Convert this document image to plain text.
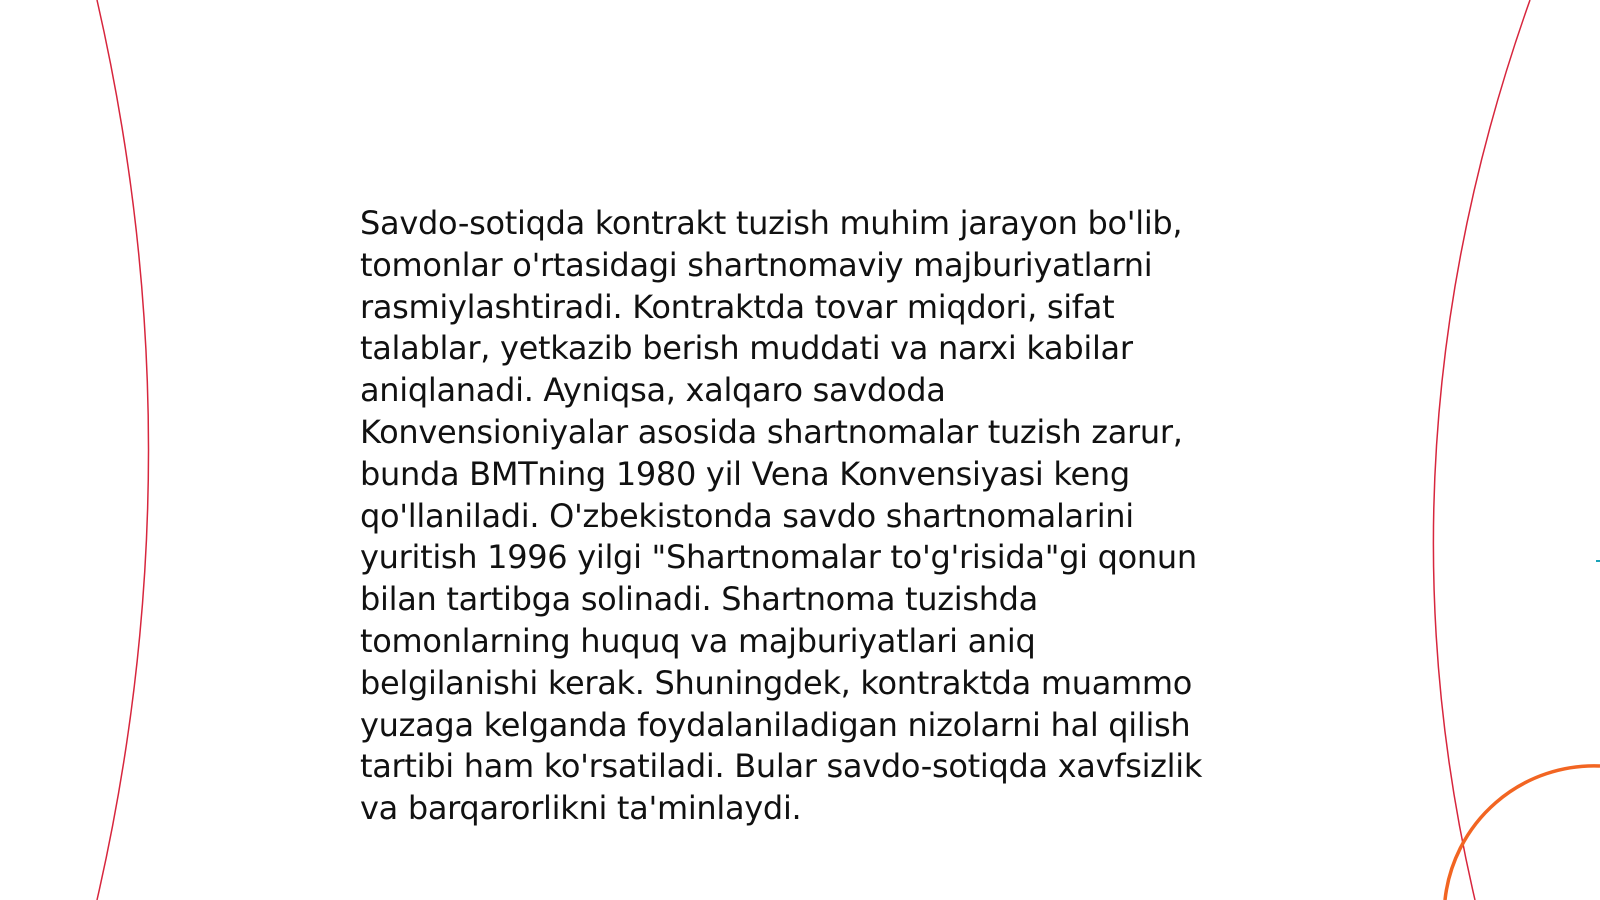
Savdo-sotiqda kontrakt tuzish muhim jarayon bo'lib,
tomonlar o'rtasidagi shartnomaviy majburiyatlarni
rasmiylashtiradi. Kontraktda tovar miqdori, sifat
talablar, yetkazib berish muddati va narxi kabilar
aniqlanadi. Ayniqsa, xalqaro savdoda
Konvensioniyalar asosida shartnomalar tuzish zarur,
bunda BMTning 1980 yil Vena Konvensiyasi keng
qo'llaniladi. O'zbekistonda savdo shartnomalarini
yuritish 1996 yilgi "Shartnomalar to'g'risida"gi qonun
bilan tartibga solinadi. Shartnoma tuzishda
tomonlarning huquq va majburiyatlari aniq
belgilanishi kerak. Shuningdek, kontraktda muammo
yuzaga kelganda foydalaniladigan nizolarni hal qilish
tartibi ham ko'rsatiladi. Bular savdo-sotiqda xavfsizlik
va barqarorlikni ta'minlaydi.
